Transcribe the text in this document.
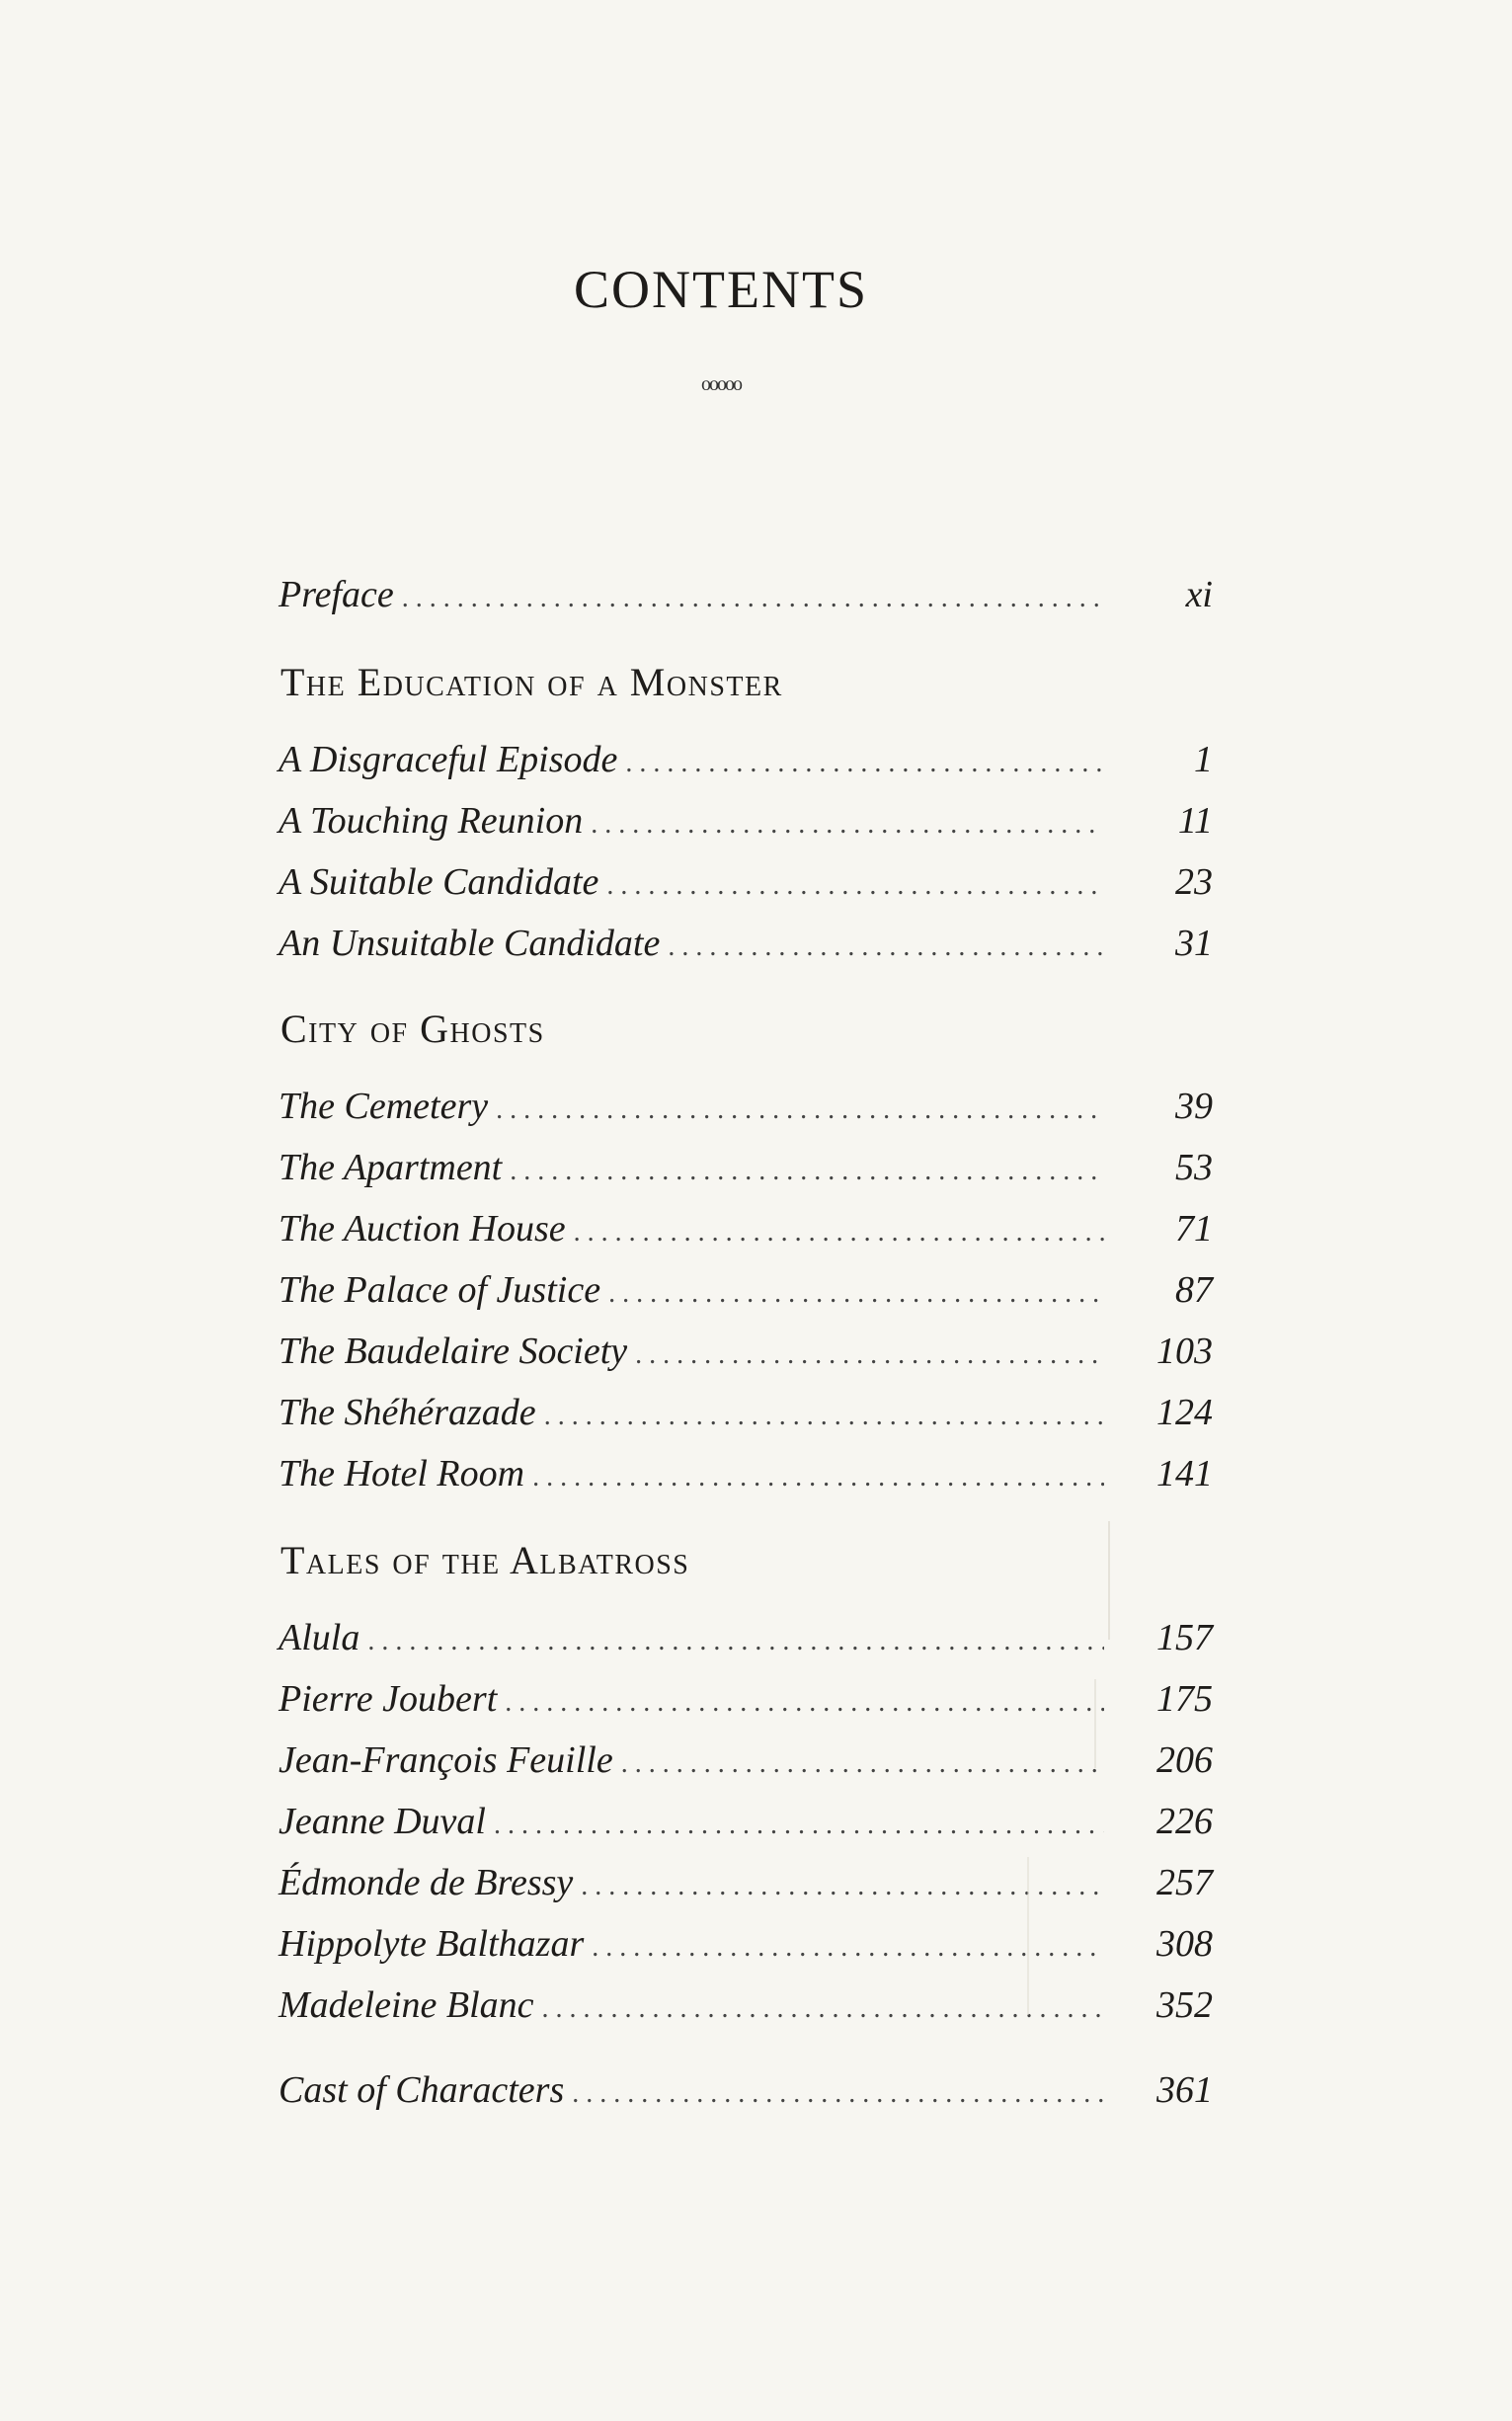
CONTENTS
ooooo
Preface . . .	xi
The Education of a Monster
A Disgraceful Episode . . .	1
A Touching Reunion . . .	11
A Suitable Candidate . . .	23
An Unsuitable Candidate . . .	31
City of Ghosts
The Cemetery . . .	39
The Apartment . . .	53
The Auction House . . .	71
The Palace of Justice . . .	87
The Baudelaire Society . . .	103
The Shéhérazade . . .	124
The Hotel Room . . .	141
Tales of the Albatross
Alula . . .	157
Pierre Joubert . . .	175
Jean-François Feuille . . .	206
Jeanne Duval . . .	226
Édmonde de Bressy . . .	257
Hippolyte Balthazar . . .	308
Madeleine Blanc . . .	352
Cast of Characters . . .	361
